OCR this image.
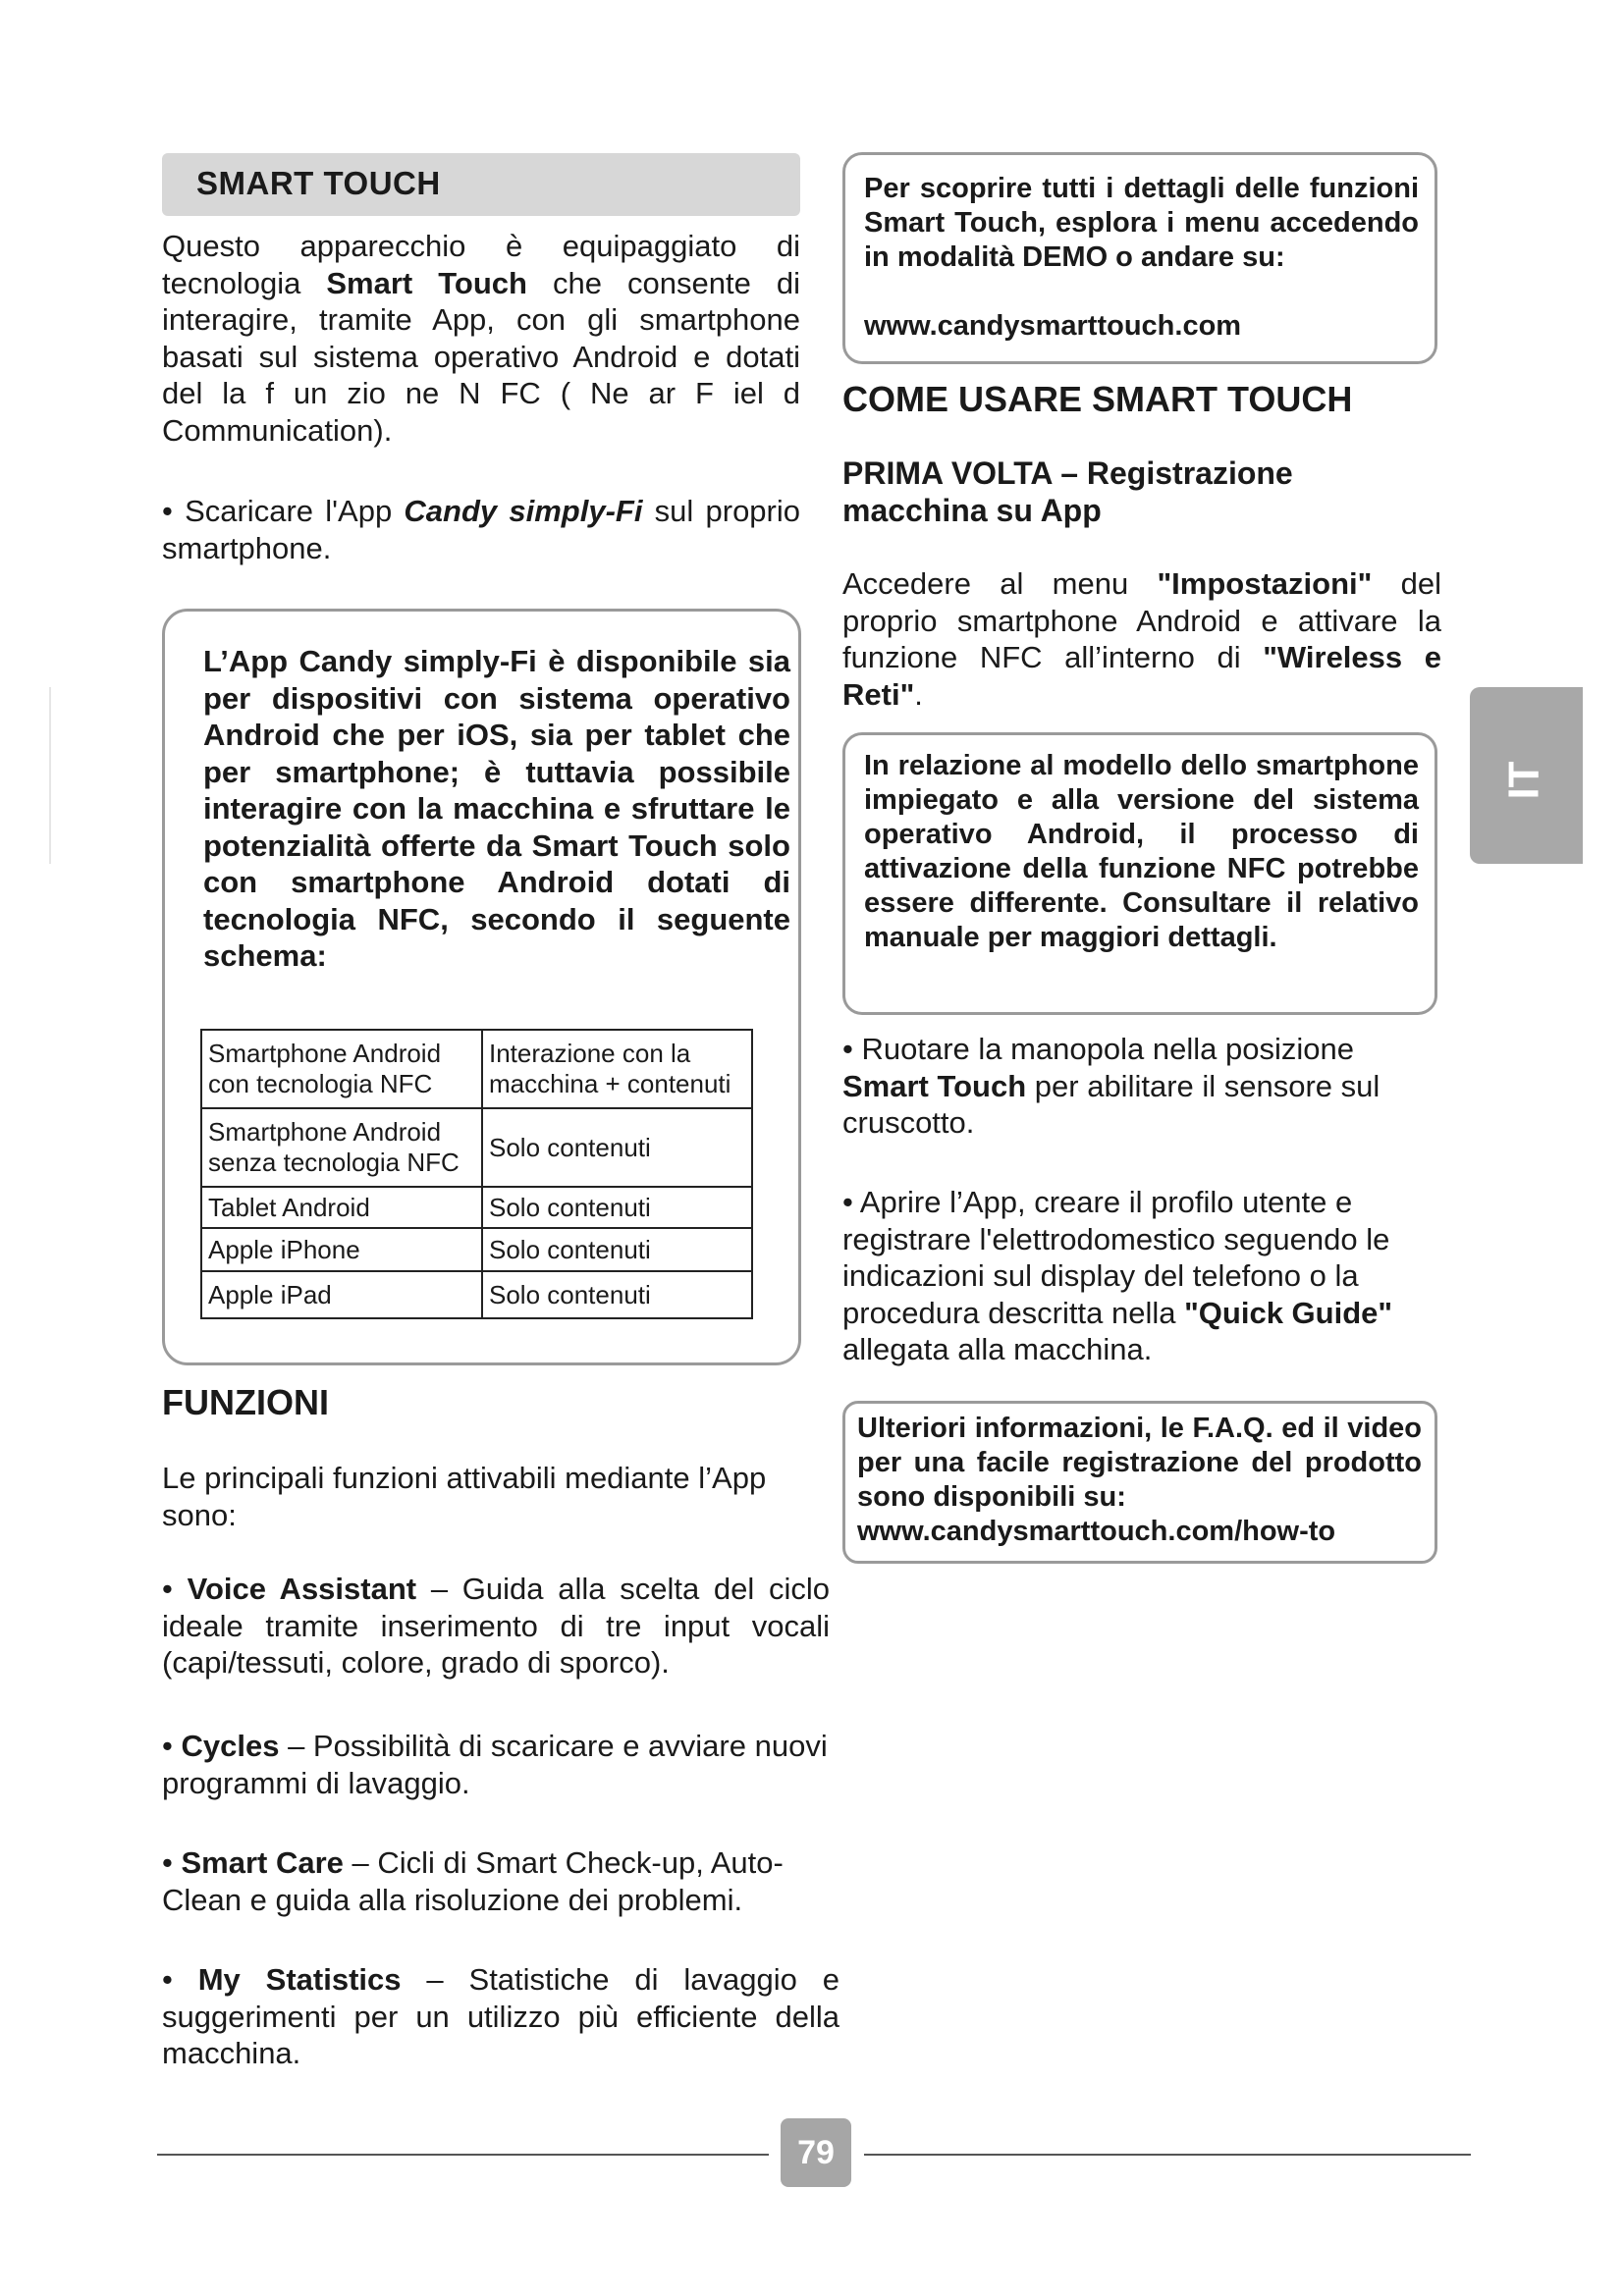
SMART TOUCH

Questo apparecchio è equipaggiato di tecnologia Smart Touch che consente di interagire, tramite App, con gli smartphone basati sul sistema operativo Android e dotati del la f un zio ne N FC ( Ne ar F iel d Communication).

• Scaricare l'App Candy simply-Fi sul proprio smartphone.

L’App Candy simply-Fi è disponibile sia per dispositivi con sistema operativo Android che per iOS, sia per tablet che per smartphone; è tuttavia possibile interagire con la macchina e sfruttare le potenzialità offerte da Smart Touch solo con smartphone Android dotati di tecnologia NFC, secondo il seguente schema:

Smartphone Android con tecnologia NFC	Interazione con la macchina + contenuti
Smartphone Android senza tecnologia NFC	Solo contenuti
Tablet Android	Solo contenuti
Apple iPhone	Solo contenuti
Apple iPad	Solo contenuti
FUNZIONI

Le principali funzioni attivabili mediante l’App sono:

• Voice Assistant – Guida alla scelta del ciclo ideale tramite inserimento di tre input vocali (capi/tessuti, colore, grado di sporco).

• Cycles – Possibilità di scaricare e avviare nuovi programmi di lavaggio.

• Smart Care – Cicli di Smart Check-up, Auto-Clean e guida alla risoluzione dei problemi.

• My Statistics – Statistiche di lavaggio e suggerimenti per un utilizzo più efficiente della macchina.

Per scoprire tutti i dettagli delle funzioni Smart Touch, esplora i menu accedendo in modalità DEMO o andare su:

www.candysmarttouch.com

COME USARE SMART TOUCH

PRIMA VOLTA – Registrazione macchina su App

Accedere al menu "Impostazioni" del proprio smartphone Android e attivare la funzione NFC all’interno di "Wireless e Reti".

In relazione al modello dello smartphone impiegato e alla versione del sistema operativo Android, il processo di attivazione della funzione NFC potrebbe essere differente. Consultare il relativo manuale per maggiori dettagli.

• Ruotare la manopola nella posizione Smart Touch per abilitare il sensore sul cruscotto.

• Aprire l’App, creare il profilo utente e registrare l'elettrodomestico seguendo le indicazioni sul display del telefono o la procedura descritta nella "Quick Guide" allegata alla macchina.

Ulteriori informazioni, le F.A.Q. ed il video per una facile registrazione del prodotto sono disponibili su:

www.candysmarttouch.com/how-to

IT
79
